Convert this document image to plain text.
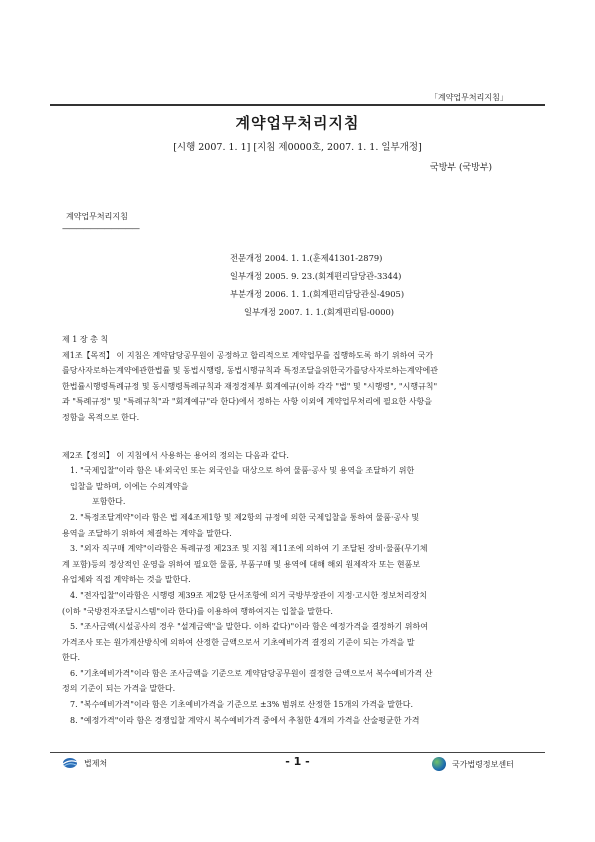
「계약업무처리지침」
계약업무처리지침
[시행 2007. 1. 1] [지침 제0000호, 2007. 1. 1. 일부개정]
국방부 (국방부)
계약업무처리지침
———————————
전문개정 2004. 1. 1.(훈제41301-2879)
일부개정 2005. 9. 23.(회계편리담당관-3344)
부분개정 2006. 1. 1.(회계편리담당관실-4905)
일부개정 2007. 1. 1.(회계편리팀-0000)

제 1 장 총 칙

제1조【목적】 이 지침은 계약담당공무원이 공정하고 합리적으로 계약업무를 집행하도록 하기 위하여 국가

를당사자로하는계약에관한법률 및 동법시행령, 동법시행규칙과 특정조달을위한국가를당사자로하는계약에관

한법률시행령특례규정 및 동시행령특례규칙과 재정경제부 회계예규(이하 각각 "법" 및 "시행령", "시행규칙"

과 "특례규정" 및 "특례규칙"과 "회계예규"라 한다)에서 정하는 사항 이외에 계약업무처리에 필요한 사항을

정함을 목적으로 한다.

제2조【정의】 이 지침에서 사용하는 용어의 정의는 다음과 같다.

1. "국제입찰"이라 함은 내·외국인 또는 외국인을 대상으로 하여 물품·공사 및 용역을 조달하기 위한

입찰을 말하며, 이에는 수의계약을

포함한다.

2. "특정조달계약"이라 함은 법 제4조제1항 및 제2항의 규정에 의한 국제입찰을 통하여 물품·공사 및

용역을 조달하기 위하여 체결하는 계약을 말한다.

3. "외자 직구매 계약"이라함은 특례규정 제23조 및 지침 제11조에 의하여 기 조달된 장비·물품(무기체

계 포함)등의 정상적인 운영을 위하여 필요한 물품, 부품구매 및 용역에 대해 해외 원제작자 또는 현품보

유업체와 직접 계약하는 것을 말한다.

4. "전자입찰"이라함은 시행령 제39조 제2항 단서조항에 의거 국방부장관이 지정·고시한 정보처리장치

(이하 "국방전자조달시스템"이라 한다)를 이용하여 행하여지는 입찰을 말한다.

5. "조사금액(시설공사의 경우 "설계금액"을 말한다. 이하 같다)"이라 함은 예정가격을 결정하기 위하여

가격조사 또는 원가계산방식에 의하여 산정한 금액으로서 기초예비가격 결정의 기준이 되는 가격을 말

한다.

6. "기초예비가격"이라 함은 조사금액을 기준으로 계약담당공무원이 결정한 금액으로서 복수예비가격 산

정의 기준이 되는 가격을 말한다.

7. "복수예비가격"이라 함은 기초예비가격을 기준으로 ±3% 범위로 산정한 15개의 가격을 말한다.

8. "예정가격"이라 함은 경쟁입찰 계약시 복수예비가격 중에서 추첨한 4개의 가격을 산술평균한 가격

법제처	- 1 -	국가법령정보센터
